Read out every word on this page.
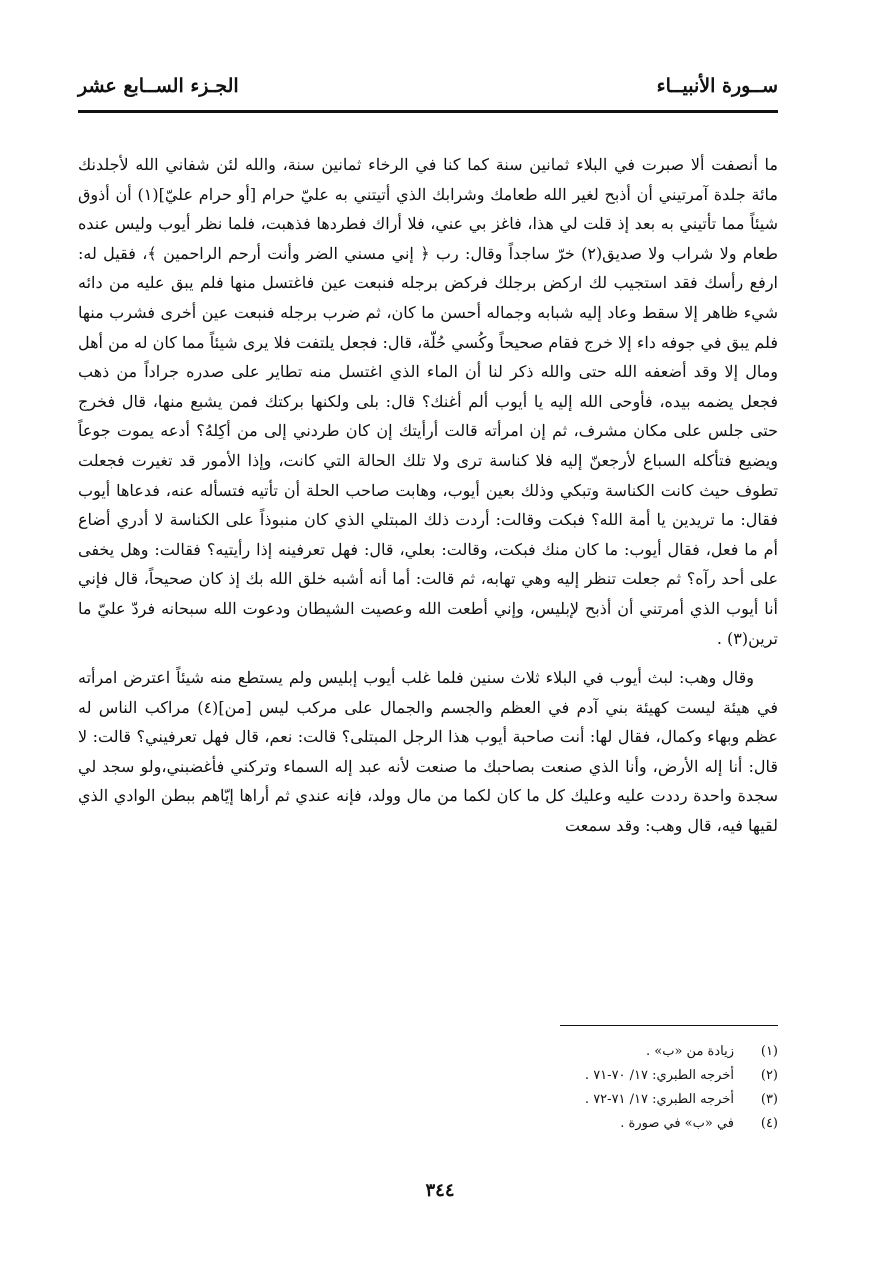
ســورة الأنبيــاء
الجـزء الســابع عشر

ما أنصفت ألا صبرت في البلاء ثمانين سنة كما كنا في الرخاء ثمانين سنة، والله لئن شفاني الله لأجلدنك مائة جلدة آمرتيني أن أذبح لغير الله طعامك وشرابك الذي أتيتني به عليّ حرام [أو حرام عليّ](١) أن أذوق شيئاً مما تأتيني به بعد إذ قلت لي هذا، فاغز بي عني، فلا أراك فطردها فذهبت، فلما نظر أيوب وليس عنده طعام ولا شراب ولا صديق(٢) خرّ ساجداً وقال: رب ﴿ إني مسني الضر وأنت أرحم الراحمين ﴾، فقيل له: ارفع رأسك فقد استجيب لك اركض برجلك فركض برجله فنبعت عين فاغتسل منها فلم يبق عليه من دائه شيء ظاهر إلا سقط وعاد إليه شبابه وجماله أحسن ما كان، ثم ضرب برجله فنبعت عين أخرى فشرب منها فلم يبق في جوفه داء إلا خرج فقام صحيحاً وكُسي حُلّة، قال: فجعل يلتفت فلا يرى شيئاً مما كان له من أهل ومال إلا وقد أضعفه الله حتى والله ذكر لنا أن الماء الذي اغتسل منه تطاير على صدره جراداً من ذهب فجعل يضمه بيده، فأوحى الله إليه يا أيوب ألم أغنك؟ قال: بلى ولكنها بركتك فمن يشبع منها، قال فخرج حتى جلس على مكان مشرف، ثم إن امرأته قالت أرأيتك إن كان طردني إلى من أكِلهُ؟ أدعه يموت جوعاً ويضيع فتأكله السباع لأرجعنّ إليه فلا كناسة ترى ولا تلك الحالة التي كانت، وإذا الأمور قد تغيرت فجعلت تطوف حيث كانت الكناسة وتبكي وذلك بعين أيوب، وهابت صاحب الحلة أن تأتيه فتسأله عنه، فدعاها أيوب فقال: ما تريدين يا أمة الله؟ فبكت وقالت: أردت ذلك المبتلي الذي كان منبوذاً على الكناسة لا أدري أضاع أم ما فعل، فقال أيوب: ما كان منك فبكت، وقالت: بعلي، قال: فهل تعرفينه إذا رأيتيه؟ فقالت: وهل يخفى على أحد رآه؟ ثم جعلت تنظر إليه وهي تهابه، ثم قالت: أما أنه أشبه خلق الله بك إذ كان صحيحاً، قال فإني أنا أيوب الذي أمرتني أن أذبح لإبليس، وإني أطعت الله وعصيت الشيطان ودعوت الله سبحانه فردّ عليّ ما ترين(٣) .

وقال وهب: لبث أيوب في البلاء ثلاث سنين فلما غلب أيوب إبليس ولم يستطع منه شيئاً اعترض امرأته في هيئة ليست كهيئة بني آدم في العظم والجسم والجمال على مركب ليس [من](٤) مراكب الناس له عظم وبهاء وكمال، فقال لها: أنت صاحبة أيوب هذا الرجل المبتلى؟ قالت: نعم، قال فهل تعرفيني؟ قالت: لا قال: أنا إله الأرض، وأنا الذي صنعت بصاحبك ما صنعت لأنه عبد إله السماء وتركني فأغضبني،ولو سجد لي سجدة واحدة رددت عليه وعليك كل ما كان لكما من مال وولد، فإنه عندي ثم أراها إيّاهم ببطن الوادي الذي لقيها فيه، قال وهب: وقد سمعت

(١)
زيادة من «ب» .
(٢)
أخرجه الطبري: ١٧/ ٧٠-٧١ .
(٣)
أخرجه الطبري: ١٧/ ٧١-٧٢ .
(٤)
في «ب» في صورة .
٣٤٤
